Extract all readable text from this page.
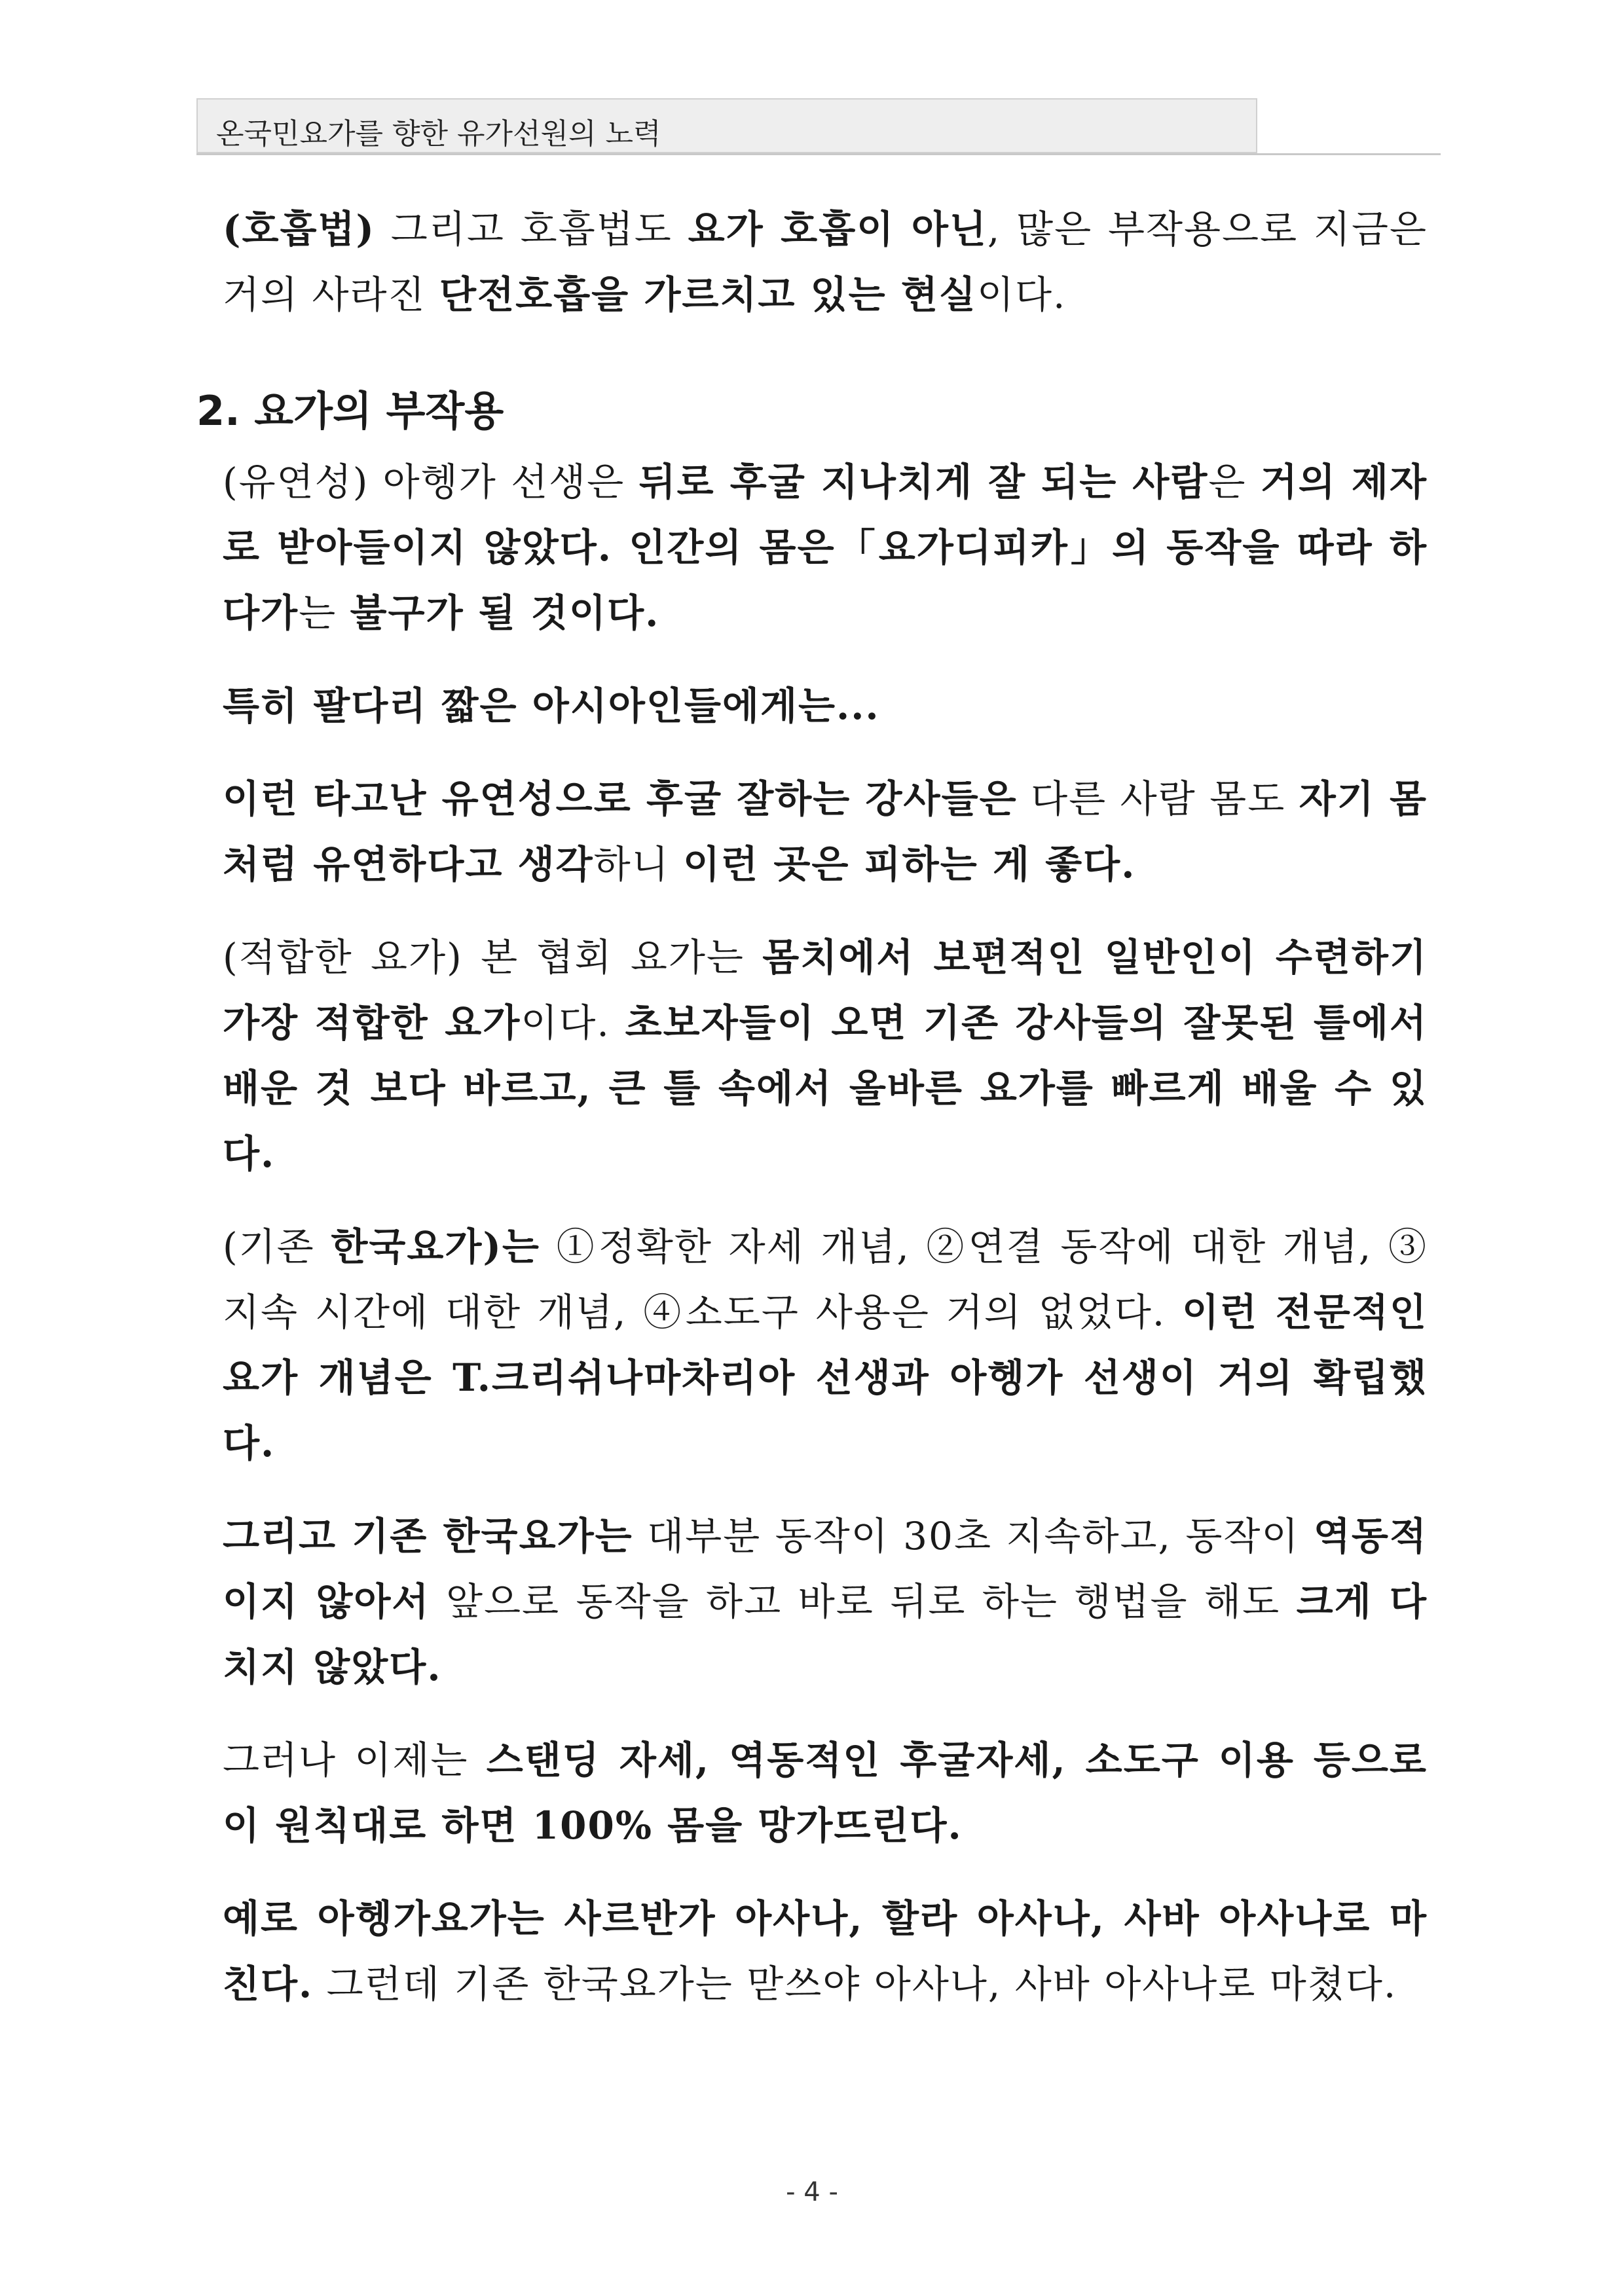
온국민요가를 향한 유가선원의 노력

(호흡법) 그리고 호흡법도 요가 호흡이 아닌, 많은 부작용으로 지금은 거의 사라진 단전호흡을 가르치고 있는 현실이다.

2. 요가의 부작용

(유연성) 아헹가 선생은 뒤로 후굴 지나치게 잘 되는 사람은 거의 제자로 받아들이지 않았다. 인간의 몸은「요가디피카」의 동작을 따라 하다가는 불구가 될 것이다.

특히 팔다리 짧은 아시아인들에게는...

이런 타고난 유연성으로 후굴 잘하는 강사들은 다른 사람 몸도 자기 몸처럼 유연하다고 생각하니 이런 곳은 피하는 게 좋다.

(적합한 요가) 본 협회 요가는 몸치에서 보편적인 일반인이 수련하기 가장 적합한 요가이다. 초보자들이 오면 기존 강사들의 잘못된 틀에서 배운 것 보다 바르고, 큰 틀 속에서 올바른 요가를 빠르게 배울 수 있다.

(기존 한국요가)는 ①정확한 자세 개념, ②연결 동작에 대한 개념, ③지속 시간에 대한 개념, ④소도구 사용은 거의 없었다. 이런 전문적인 요가 개념은 T.크리쉬나마차리아 선생과 아헹가 선생이 거의 확립했다.

그리고 기존 한국요가는 대부분 동작이 30초 지속하고, 동작이 역동적이지 않아서 앞으로 동작을 하고 바로 뒤로 하는 행법을 해도 크게 다치지 않았다.

그러나 이제는 스탠딩 자세, 역동적인 후굴자세, 소도구 이용 등으로 이 원칙대로 하면 100% 몸을 망가뜨린다.

예로 아헹가요가는 사르반가 아사나, 할라 아사나, 사바 아사나로 마친다. 그런데 기존 한국요가는 맏쓰야 아사나, 사바 아사나로 마쳤다.

- 4 -
